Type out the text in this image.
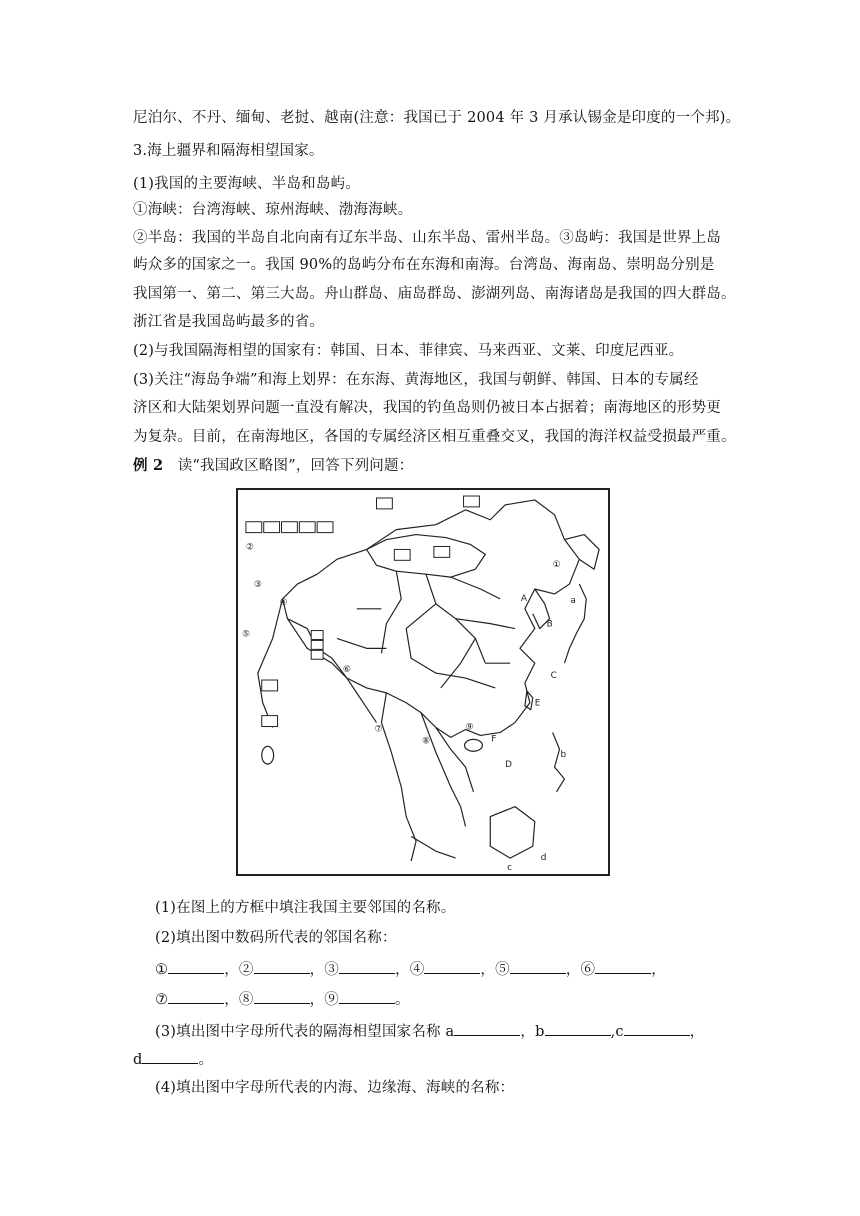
尼泊尔、不丹、缅甸、老挝、越南(注意：我国已于 2004 年 3 月承认锡金是印度的一个邦)。
3.海上疆界和隔海相望国家。
(1)我国的主要海峡、半岛和岛屿。
①海峡：台湾海峡、琼州海峡、渤海海峡。
②半岛：我国的半岛自北向南有辽东半岛、山东半岛、雷州半岛。③岛屿：我国是世界上岛
屿众多的国家之一。我国 90%的岛屿分布在东海和南海。台湾岛、海南岛、崇明岛分别是
我国第一、第二、第三大岛。舟山群岛、庙岛群岛、澎湖列岛、南海诸岛是我国的四大群岛。
浙江省是我国岛屿最多的省。
(2)与我国隔海相望的国家有：韩国、日本、菲律宾、马来西亚、文莱、印度尼西亚。
(3)关注“海岛争端”和海上划界：在东海、黄海地区，我国与朝鲜、韩国、日本的专属经
济区和大陆架划界问题一直没有解决，我国的钓鱼岛则仍被日本占据着；南海地区的形势更
为复杂。目前，在南海地区，各国的专属经济区相互重叠交叉，我国的海洋权益受损最严重。
例 2 读“我国政区略图”，回答下列问题：
②
③
④
⑤
⑥
⑦
⑧
⑨
①
A
B
C
D
E
F
a
b
c
d
(1)在图上的方框中填注我国主要邻国的名称。
(2)填出图中数码所代表的邻国名称：
①	，②	，③	，④	，⑤	，⑥	，
⑦	，⑧	，⑨	。
(3)填出图中字母所代表的隔海相望国家名称 a	，b	,c	，
d	。
(4)填出图中字母所代表的内海、边缘海、海峡的名称：
